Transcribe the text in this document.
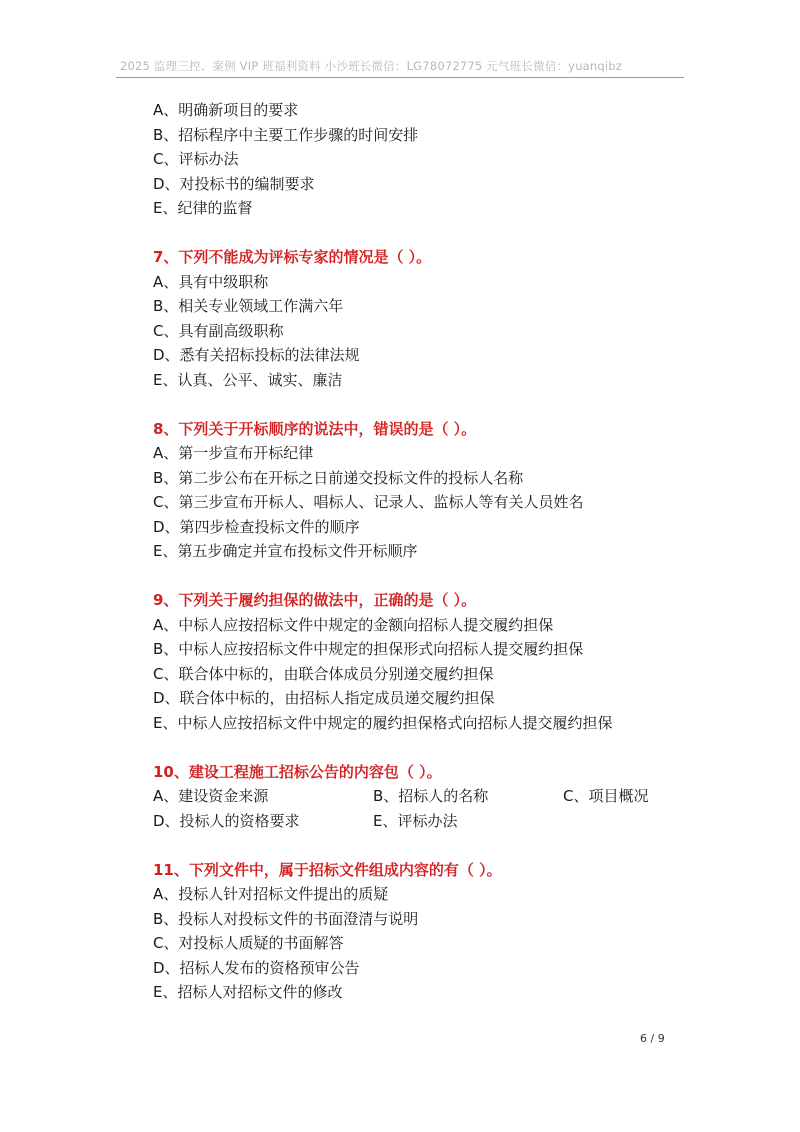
2025 监理三控、案例 VIP 班福利资料 小沙班长微信：LG78072775 元气班长微信：yuanqibz
A、明确新项目的要求
B、招标程序中主要工作步骤的时间安排
C、评标办法
D、对投标书的编制要求
E、纪律的监督
7、下列不能成为评标专家的情况是（ ）。
A、具有中级职称
B、相关专业领域工作满六年
C、具有副高级职称
D、悉有关招标投标的法律法规
E、认真、公平、诚实、廉洁
8、下列关于开标顺序的说法中，错误的是（ ）。
A、第一步宣布开标纪律
B、第二步公布在开标之日前递交投标文件的投标人名称
C、第三步宣布开标人、唱标人、记录人、监标人等有关人员姓名
D、第四步检查投标文件的顺序
E、第五步确定并宣布投标文件开标顺序
9、下列关于履约担保的做法中，正确的是（ ）。
A、中标人应按招标文件中规定的金额向招标人提交履约担保
B、中标人应按招标文件中规定的担保形式向招标人提交履约担保
C、联合体中标的，由联合体成员分别递交履约担保
D、联合体中标的，由招标人指定成员递交履约担保
E、中标人应按招标文件中规定的履约担保格式向招标人提交履约担保
10、建设工程施工招标公告的内容包（ ）。
A、建设资金来源	B、招标人的名称	C、项目概况
D、投标人的资格要求	E、评标办法
11、下列文件中，属于招标文件组成内容的有（ ）。
A、投标人针对招标文件提出的质疑
B、投标人对投标文件的书面澄清与说明
C、对投标人质疑的书面解答
D、招标人发布的资格预审公告
E、招标人对招标文件的修改
6 / 9
